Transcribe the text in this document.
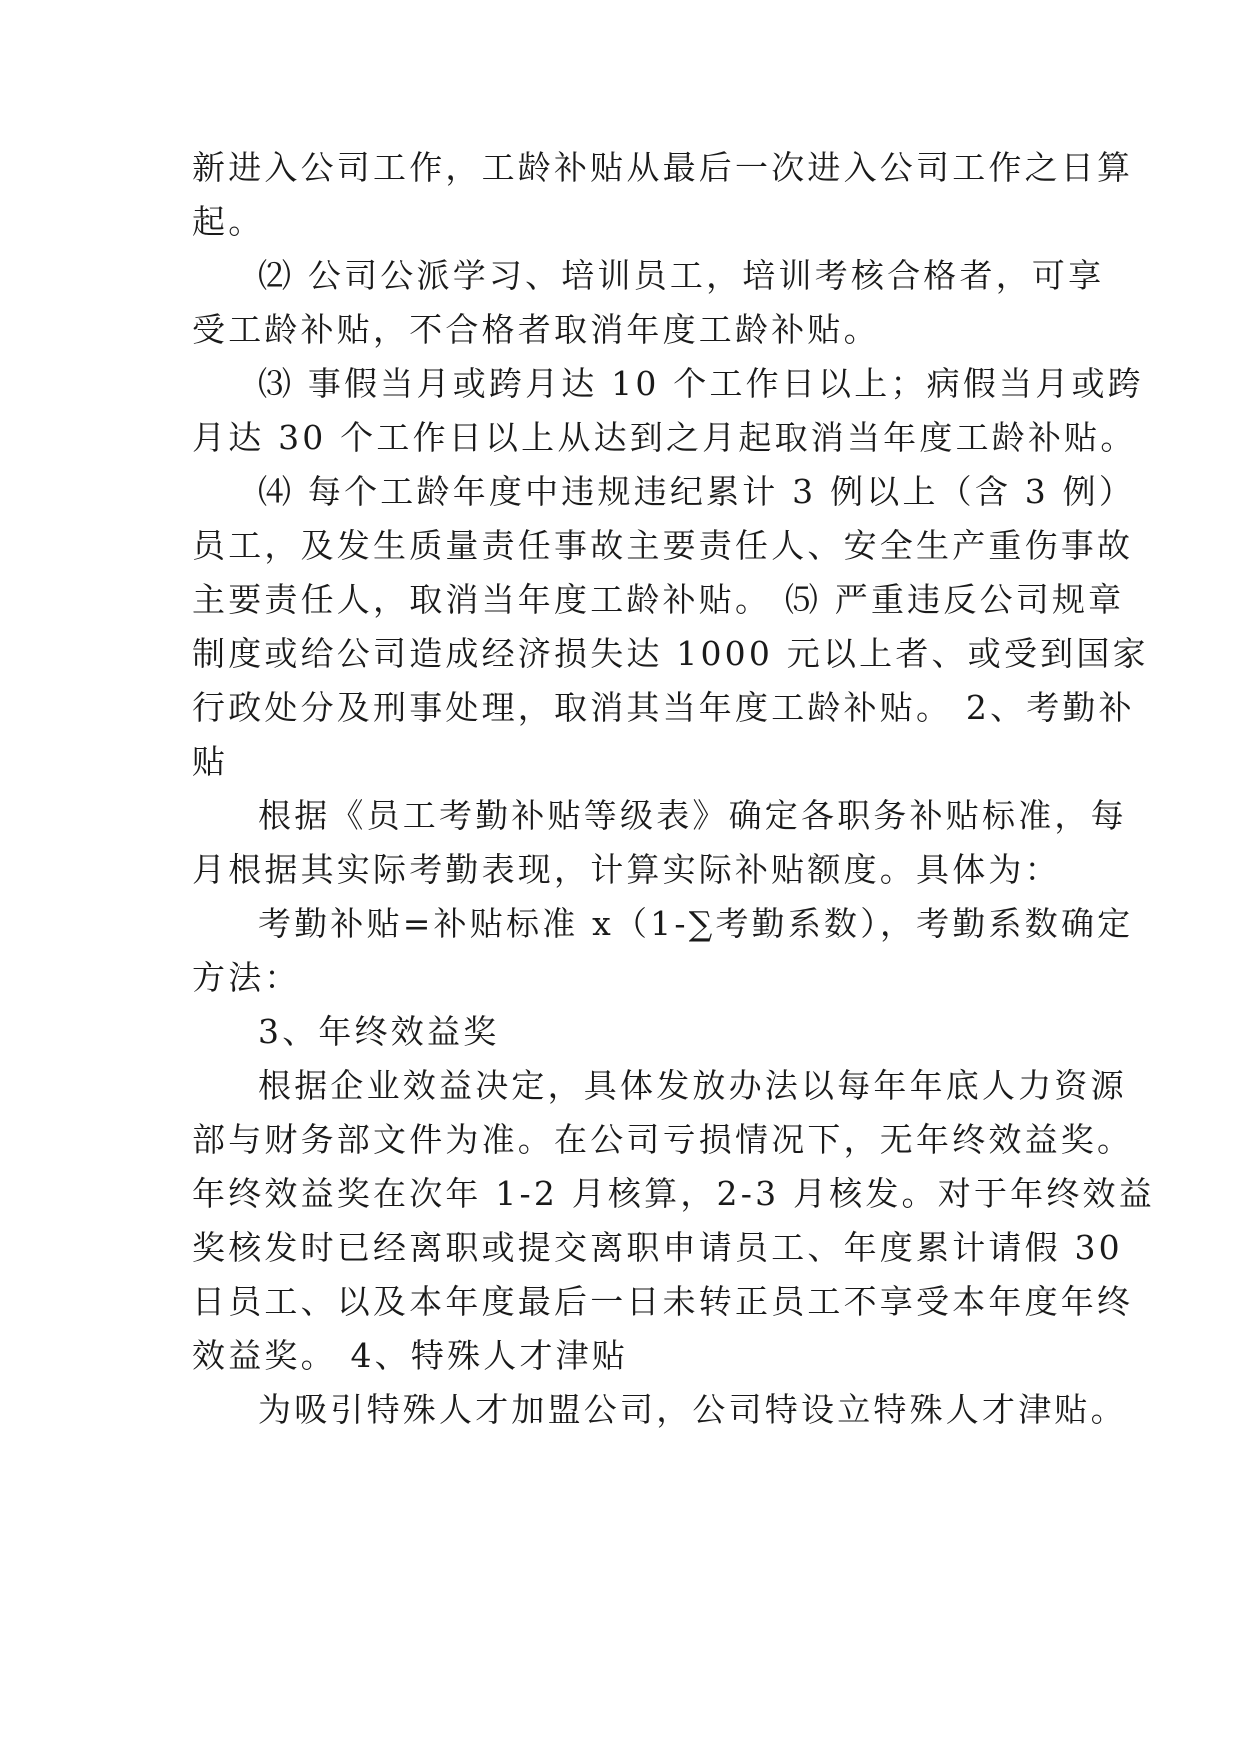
新进入公司工作，工龄补贴从最后一次进入公司工作之日算
起。
⑵ 公司公派学习、培训员工，培训考核合格者，可享
受工龄补贴，不合格者取消年度工龄补贴。
⑶ 事假当月或跨月达 10 个工作日以上；病假当月或跨
月达 30 个工作日以上从达到之月起取消当年度工龄补贴。
⑷ 每个工龄年度中违规违纪累计 3 例以上（含 3 例）
员工，及发生质量责任事故主要责任人、安全生产重伤事故
主要责任人，取消当年度工龄补贴。 ⑸ 严重违反公司规章
制度或给公司造成经济损失达 1000 元以上者、或受到国家
行政处分及刑事处理，取消其当年度工龄补贴。 2、考勤补
贴
根据《员工考勤补贴等级表》确定各职务补贴标准，每
月根据其实际考勤表现，计算实际补贴额度。具体为：
考勤补贴=补贴标准 x（1-∑考勤系数），考勤系数确定
方法：
3、年终效益奖
根据企业效益决定，具体发放办法以每年年底人力资源
部与财务部文件为准。在公司亏损情况下，无年终效益奖。
年终效益奖在次年 1-2 月核算，2-3 月核发。对于年终效益
奖核发时已经离职或提交离职申请员工、年度累计请假 30
日员工、以及本年度最后一日未转正员工不享受本年度年终
效益奖。 4、特殊人才津贴
为吸引特殊人才加盟公司，公司特设立特殊人才津贴。
